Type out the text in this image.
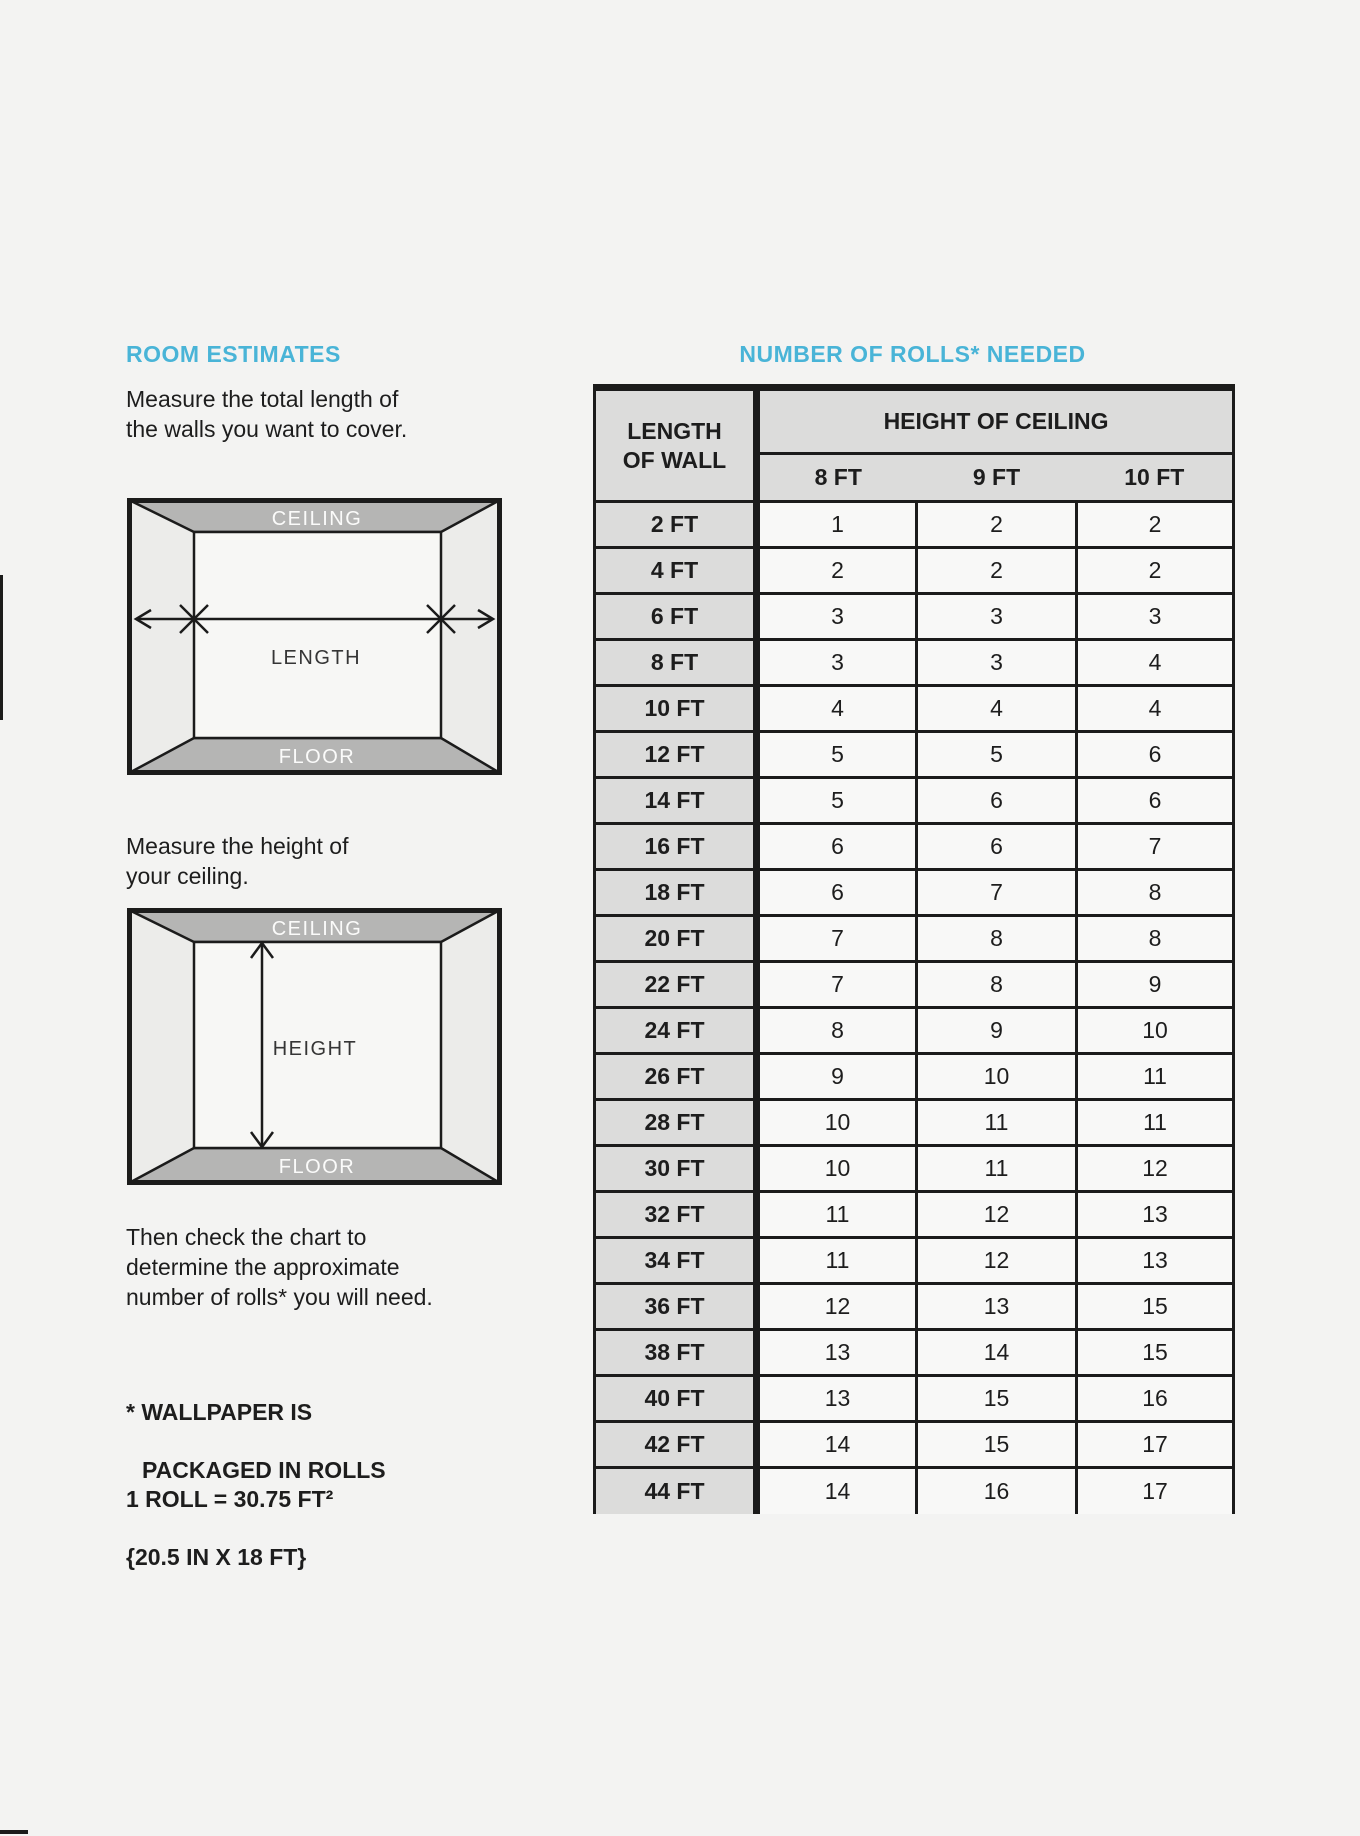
ROOM ESTIMATES

Measure the total length of
the walls you want to cover.

CEILING
FLOOR
LENGTH

Measure the height of
your ceiling.

CEILING
FLOOR
HEIGHT

Then check the chart to
determine the approximate
number of rolls* you will need.

* WALLPAPER IS

PACKAGED IN ROLLS

1 ROLL = 30.75 FT²

{20.5 IN X 18 FT}

NUMBER OF ROLLS* NEEDED
LENGTH
OF WALL	HEIGHT OF CEILING		
	8 FT	9 FT	10 FT
2 FT	1	2	2
4 FT	2	2	2
6 FT	3	3	3
8 FT	3	3	4
10 FT	4	4	4
12 FT	5	5	6
14 FT	5	6	6
16 FT	6	6	7
18 FT	6	7	8
20 FT	7	8	8
22 FT	7	8	9
24 FT	8	9	10
26 FT	9	10	11
28 FT	10	11	11
30 FT	10	11	12
32 FT	11	12	13
34 FT	11	12	13
36 FT	12	13	15
38 FT	13	14	15
40 FT	13	15	16
42 FT	14	15	17
44 FT	14	16	17
